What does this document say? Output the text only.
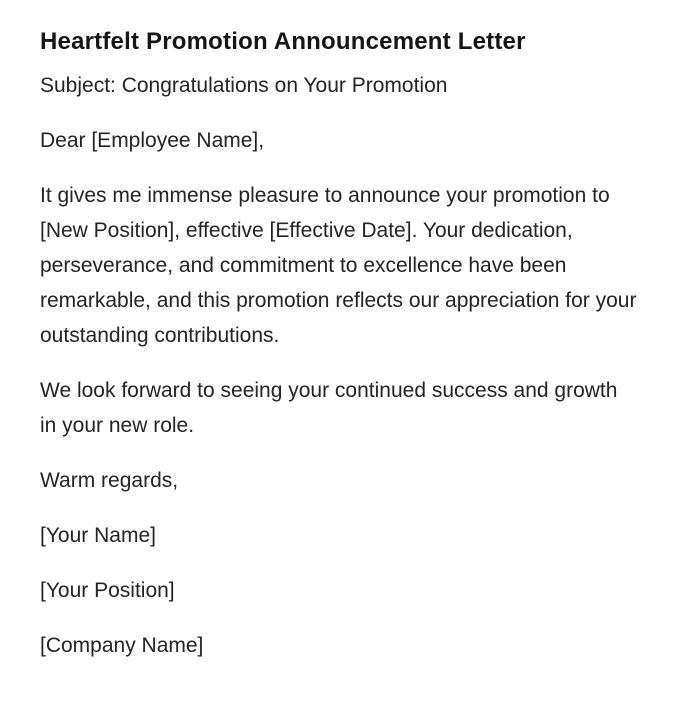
Heartfelt Promotion Announcement Letter

Subject: Congratulations on Your Promotion

Dear [Employee Name],

It gives me immense pleasure to announce your promotion to [New Position], effective [Effective Date]. Your dedication, perseverance, and commitment to excellence have been remarkable, and this promotion reflects our appreciation for your outstanding contributions.

We look forward to seeing your continued success and growth in your new role.

Warm regards,

[Your Name]

[Your Position]

[Company Name]
